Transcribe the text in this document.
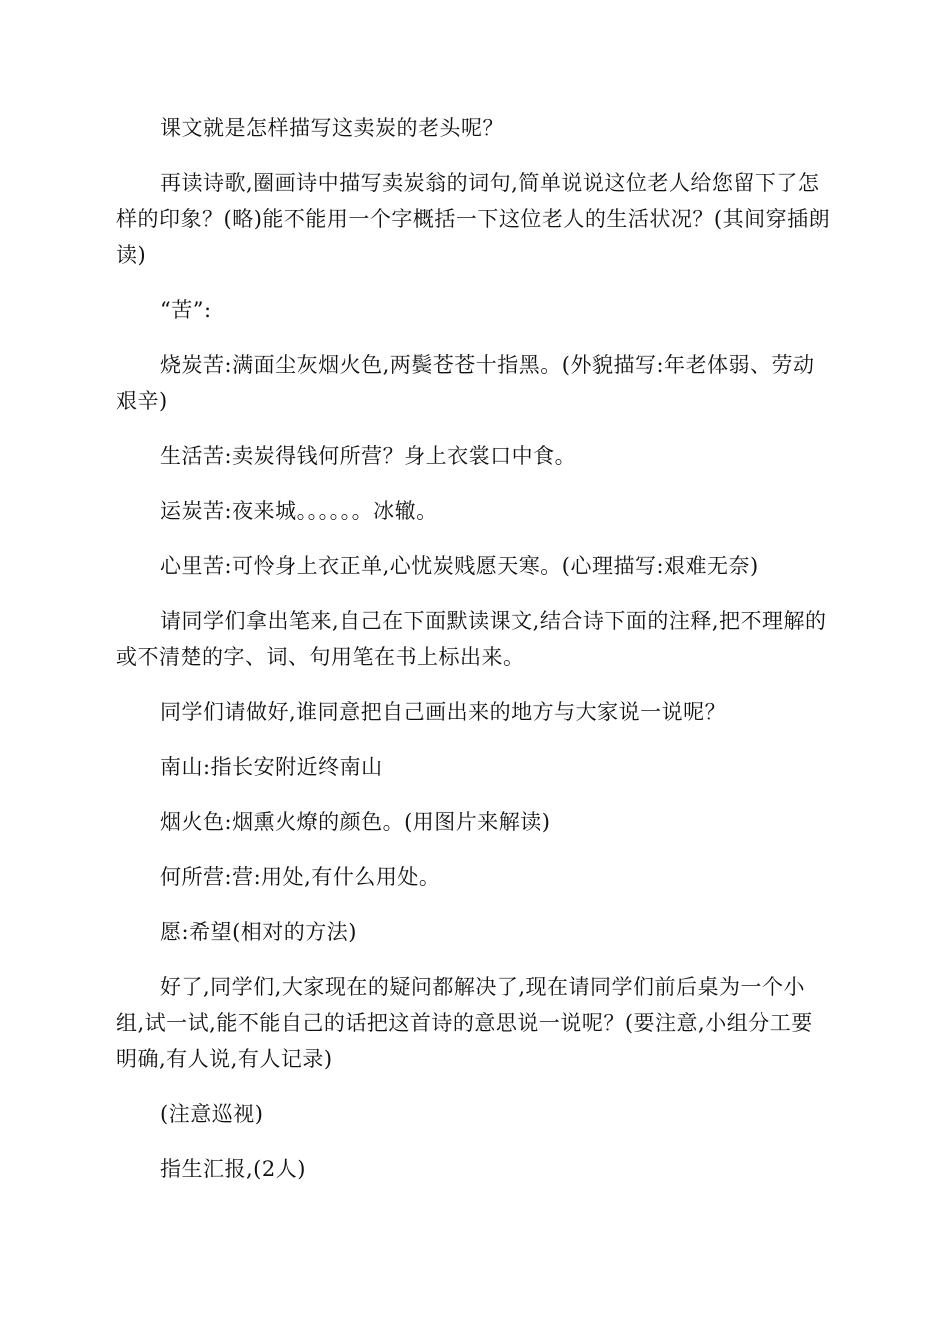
课文就是怎样描写这卖炭的老头呢？

再读诗歌,圈画诗中描写卖炭翁的词句,简单说说这位老人给您留下了怎样的印象？(略)能不能用一个字概括一下这位老人的生活状况？(其间穿插朗读)

“苦”:

烧炭苦:满面尘灰烟火色,两鬓苍苍十指黑。(外貌描写:年老体弱、劳动艰辛)

生活苦:卖炭得钱何所营？身上衣裳口中食。

运炭苦:夜来城。。。。。。冰辙。

心里苦:可怜身上衣正单,心忧炭贱愿天寒。(心理描写:艰难无奈)

请同学们拿出笔来,自己在下面默读课文,结合诗下面的注释,把不理解的或不清楚的字、词、句用笔在书上标出来。

同学们请做好,谁同意把自己画出来的地方与大家说一说呢？

南山:指长安附近终南山

烟火色:烟熏火燎的颜色。(用图片来解读)

何所营:营:用处,有什么用处。

愿:希望(相对的方法)

好了,同学们,大家现在的疑问都解决了,现在请同学们前后桌为一个小组,试一试,能不能自己的话把这首诗的意思说一说呢？(要注意,小组分工要明确,有人说,有人记录)

(注意巡视)

指生汇报,(2人)
